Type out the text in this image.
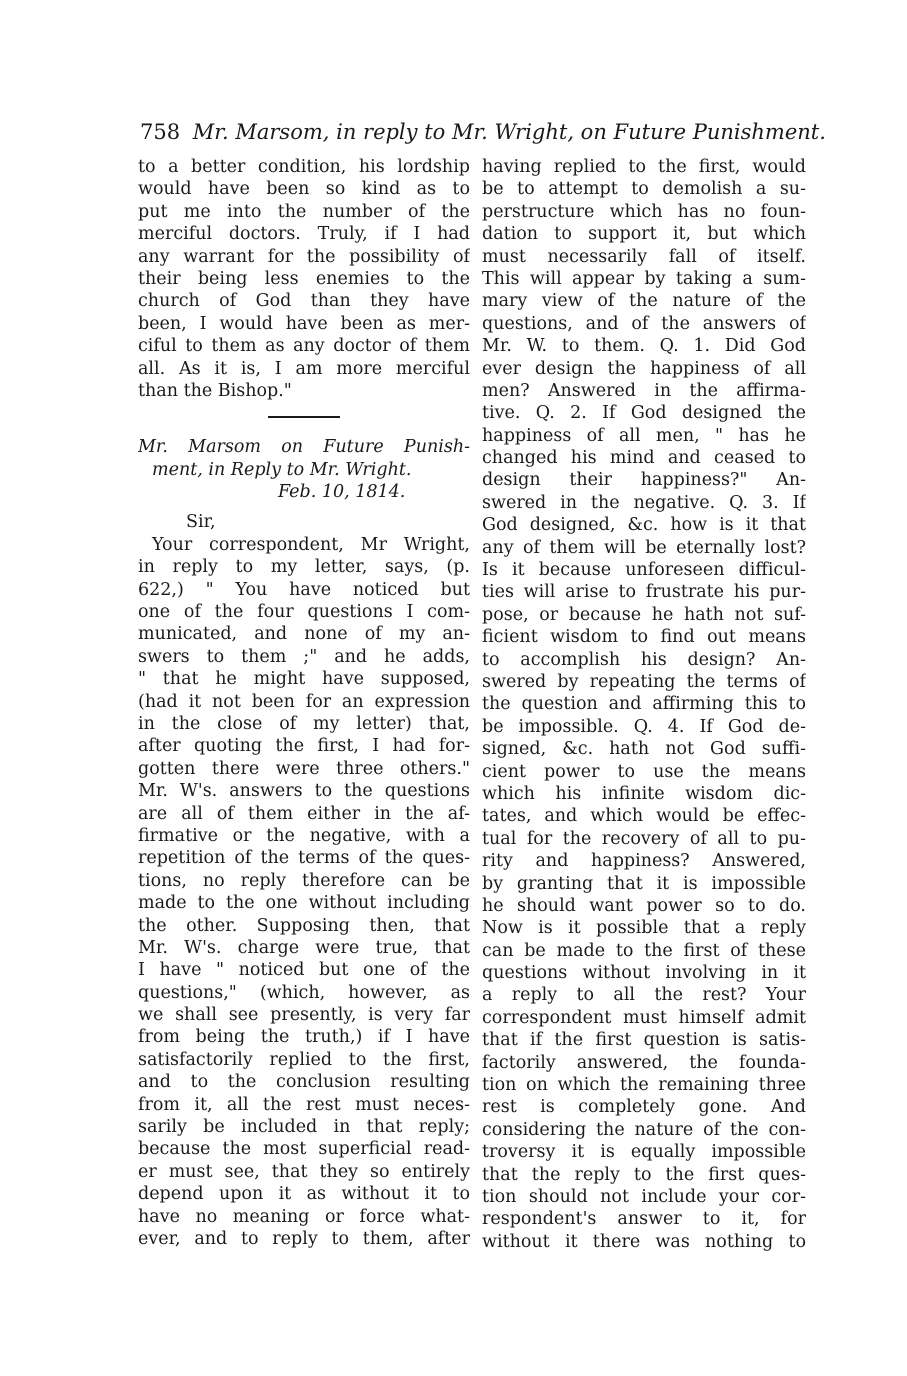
758 Mr. Marsom, in reply to Mr. Wright, on Future Punishment.
to a better condition, his lordship
would have been so kind as to
put me into the number of the
merciful doctors. Truly, if I had
any warrant for the possibility of
their being less enemies to the
church of God than they have
been, I would have been as mer-
ciful to them as any doctor of them
all. As it is, I am more merciful
than the Bishop."
Mr. Marsom on Future Punish-
ment, in Reply to Mr. Wright.
Feb. 10, 1814.
Sir,
Your correspondent, Mr Wright,
in reply to my letter, says, (p.
622,) " You have noticed but
one of the four questions I com-
municated, and none of my an-
swers to them ;" and he adds,
" that he might have supposed,
(had it not been for an expression
in the close of my letter) that,
after quoting the first, I had for-
gotten there were three others."
Mr. W's. answers to the questions
are all of them either in the af-
firmative or the negative, with a
repetition of the terms of the ques-
tions, no reply therefore can be
made to the one without including
the other. Supposing then, that
Mr. W's. charge were true, that
I have " noticed but one of the
questions," (which, however, as
we shall see presently, is very far
from being the truth,) if I have
satisfactorily replied to the first,
and to the conclusion resulting
from it, all the rest must neces-
sarily be included in that reply;
because the most superficial read-
er must see, that they so entirely
depend upon it as without it to
have no meaning or force what-
ever, and to reply to them, after
having replied to the first, would
be to attempt to demolish a su-
perstructure which has no foun-
dation to support it, but which
must necessarily fall of itself.
This will appear by taking a sum-
mary view of the nature of the
questions, and of the answers of
Mr. W. to them. Q. 1. Did God
ever design the happiness of all
men? Answered in the affirma-
tive. Q. 2. If God designed the
happiness of all men, " has he
changed his mind and ceased to
design their happiness?" An-
swered in the negative. Q. 3. If
God designed, &c. how is it that
any of them will be eternally lost?
Is it because unforeseen difficul-
ties will arise to frustrate his pur-
pose, or because he hath not suf-
ficient wisdom to find out means
to accomplish his design? An-
swered by repeating the terms of
the question and affirming this to
be impossible. Q. 4. If God de-
signed, &c. hath not God suffi-
cient power to use the means
which his infinite wisdom dic-
tates, and which would be effec-
tual for the recovery of all to pu-
rity and happiness? Answered,
by granting that it is impossible
he should want power so to do.
Now is it possible that a reply
can be made to the first of these
questions without involving in it
a reply to all the rest? Your
correspondent must himself admit
that if the first question is satis-
factorily answered, the founda-
tion on which the remaining three
rest is completely gone. And
considering the nature of the con-
troversy it is equally impossible
that the reply to the first ques-
tion should not include your cor-
respondent's answer to it, for
without it there was nothing to
